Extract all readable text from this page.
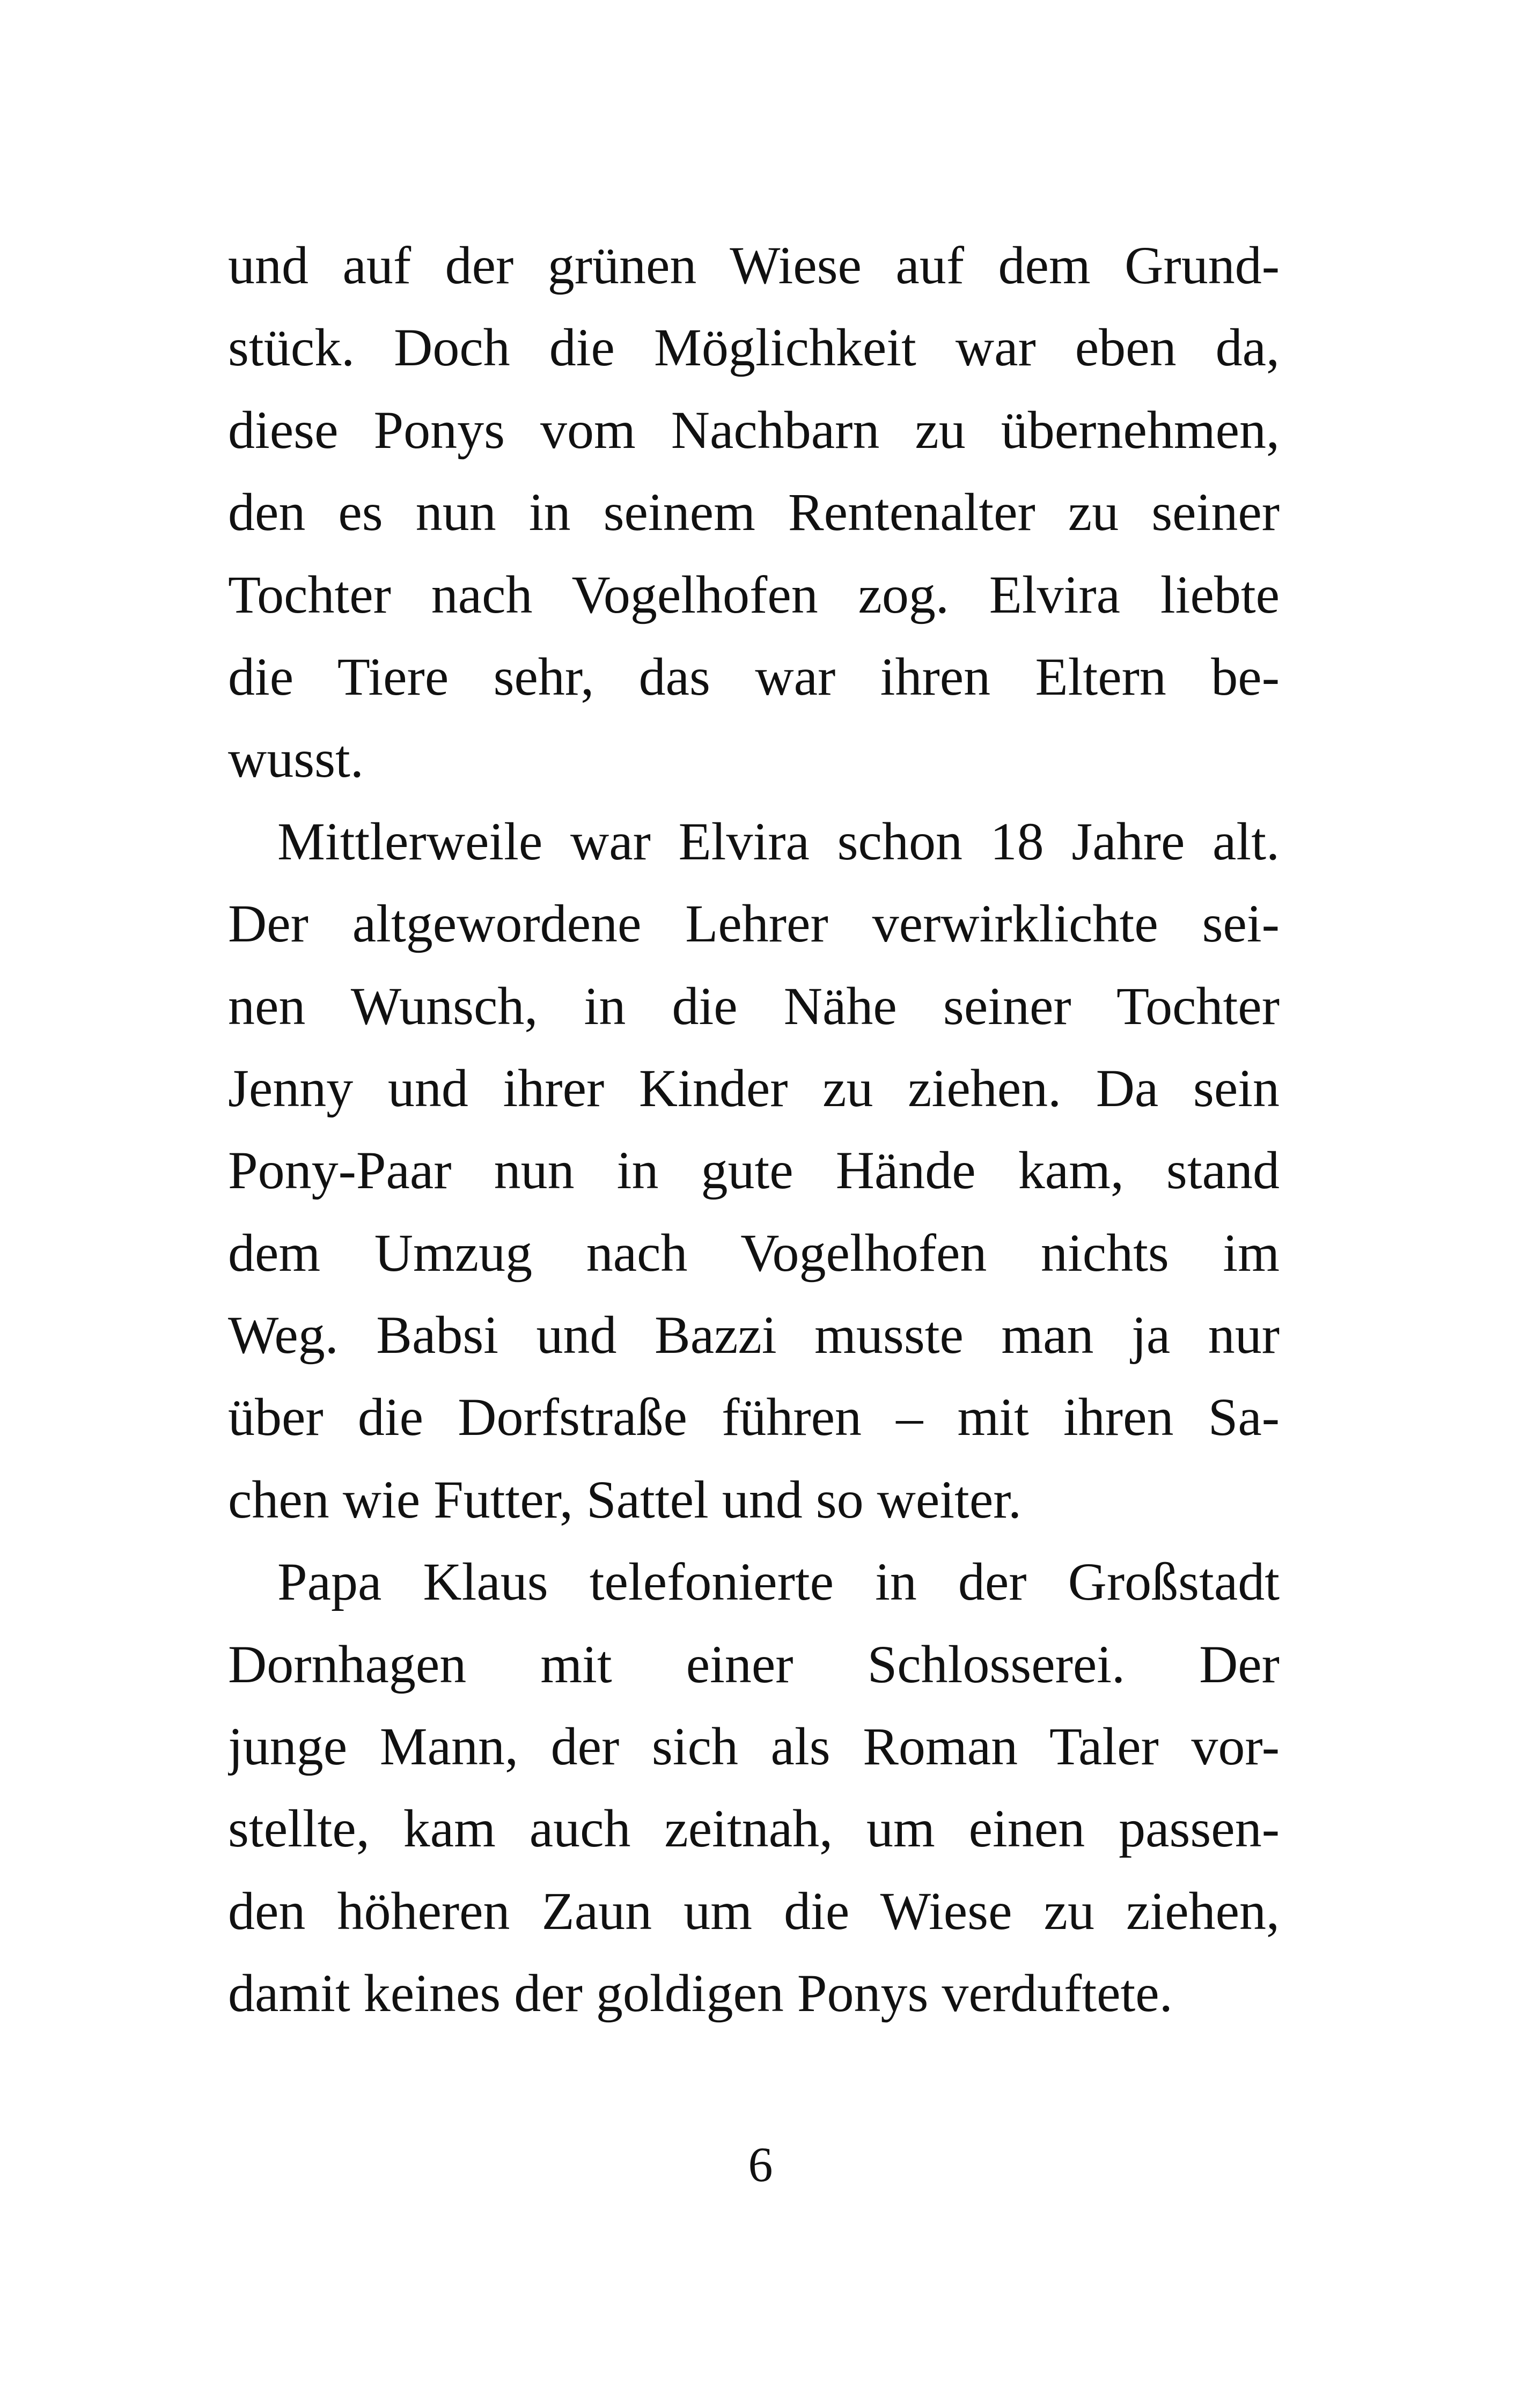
und auf der grünen Wiese auf dem Grund-
stück. Doch die Möglichkeit war eben da,
diese Ponys vom Nachbarn zu übernehmen,
den es nun in seinem Rentenalter zu seiner
Tochter nach Vogelhofen zog. Elvira liebte
die Tiere sehr, das war ihren Eltern be-
wusst.
Mittlerweile war Elvira schon 18 Jahre alt.
Der altgewordene Lehrer verwirklichte sei-
nen Wunsch, in die Nähe seiner Tochter
Jenny und ihrer Kinder zu ziehen. Da sein
Pony-Paar nun in gute Hände kam, stand
dem Umzug nach Vogelhofen nichts im
Weg. Babsi und Bazzi musste man ja nur
über die Dorfstraße führen – mit ihren Sa-
chen wie Futter, Sattel und so weiter.
Papa Klaus telefonierte in der Großstadt
Dornhagen mit einer Schlosserei. Der
junge Mann, der sich als Roman Taler vor-
stellte, kam auch zeitnah, um einen passen-
den höheren Zaun um die Wiese zu ziehen,
damit keines der goldigen Ponys verduftete.
6
